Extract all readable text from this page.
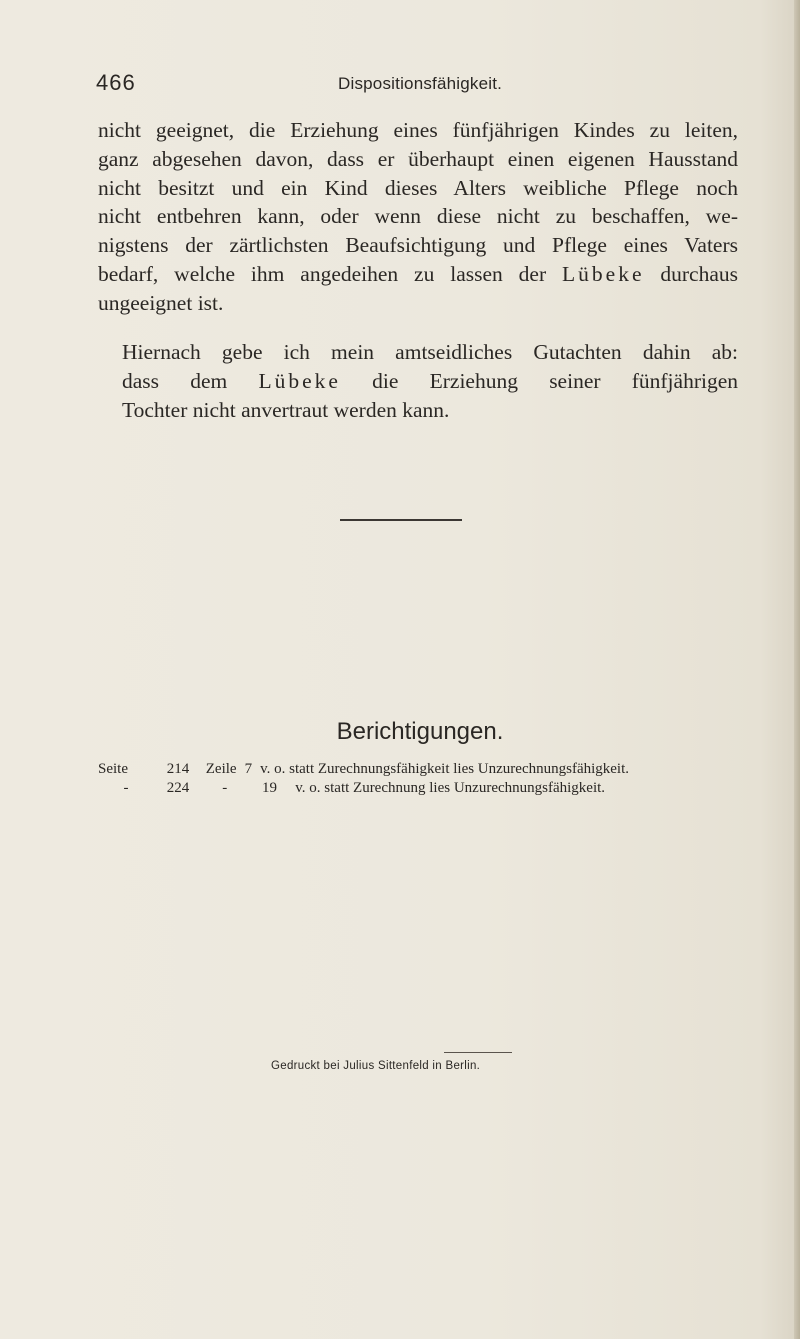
466	Dispositionsfähigkeit.
nicht geeignet, die Erziehung eines fünfjährigen Kindes zu leiten,
ganz abgesehen davon, dass er überhaupt einen eigenen Hausstand
nicht besitzt und ein Kind dieses Alters weibliche Pflege noch
nicht entbehren kann, oder wenn diese nicht zu beschaffen, we-
nigstens der zärtlichsten Beaufsichtigung und Pflege eines Vaters
bedarf, welche ihm angedeihen zu lassen der Lübeke durchaus
ungeeignet ist.
Hiernach gebe ich mein amtseidliches Gutachten dahin ab:
dass dem Lübeke die Erziehung seiner fünfjährigen
Tochter nicht anvertraut werden kann.
Berichtigungen.
Seite	214 Zeile 7 v. o. statt Zurechnungsfähigkeit lies Unzurechnungsfähigkeit.
-	224 - 19 v. o. statt Zurechnung lies Unzurechnungsfähigkeit.
Gedruckt bei Julius Sittenfeld in Berlin.
